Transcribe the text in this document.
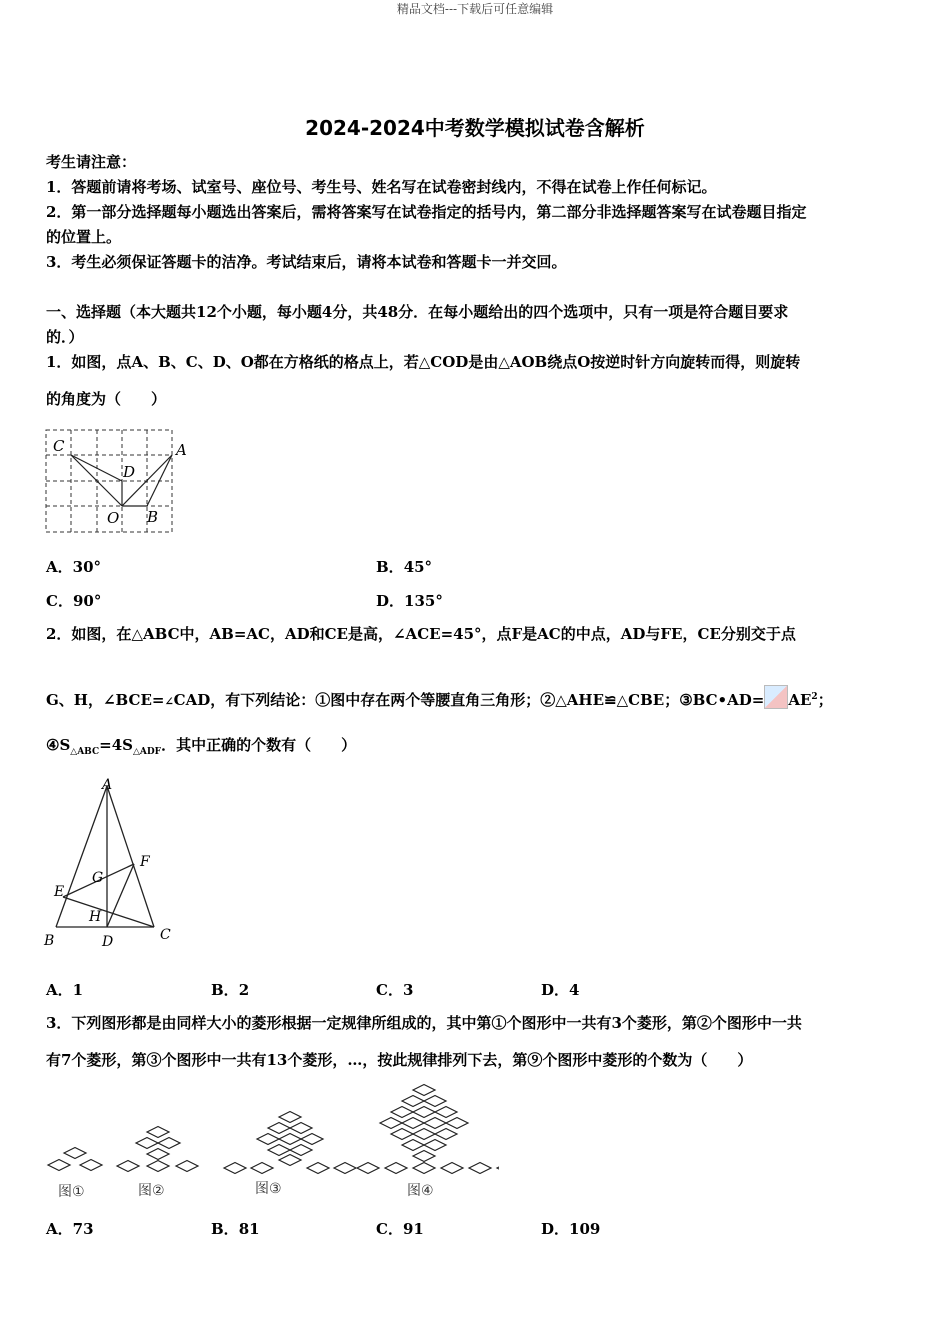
精品文档---下载后可任意编辑
2024-2024中考数学模拟试卷含解析
考生请注意：
1．答题前请将考场、试室号、座位号、考生号、姓名写在试卷密封线内，不得在试卷上作任何标记。
2．第一部分选择题每小题选出答案后，需将答案写在试卷指定的括号内，第二部分非选择题答案写在试卷题目指定
的位置上。
3．考生必须保证答题卡的洁净。考试结束后，请将本试卷和答题卡一并交回。
一、选择题（本大题共12个小题，每小题4分，共48分．在每小题给出的四个选项中，只有一项是符合题目要求
的．）
1．如图，点A、B、C、D、O都在方格纸的格点上，若△COD是由△AOB绕点O按逆时针方向旋转而得，则旋转
的角度为（　　）
C	A
D
O B
A．30°	B．45°
C．90°	D．135°
2．如图，在△ABC中，AB=AC，AD和CE是高，∠ACE=45°，点F是AC的中点，AD与FE，CE分别交于点
G、H，∠BCE=∠CAD，有下列结论：①图中存在两个等腰直角三角形；②△AHE≌△CBE；③BC•AD= $AE^2$；
$④S_{\triangle ABC}=4S_{\triangle ADF}$．其中正确的个数有（　　）
A
F
G
E
H
B	D	C
A．1	B．2	C．3	D．4
3．下列图形都是由同样大小的菱形根据一定规律所组成的，其中第①个图形中一共有3个菱形，第②个图形中一共
有7个菱形，第③个图形中一共有13个菱形，…，按此规律排列下去，第⑨个图形中菱形的个数为（　　）
图①	图②	图③	图④
A．73	B．81	C．91	D．109
